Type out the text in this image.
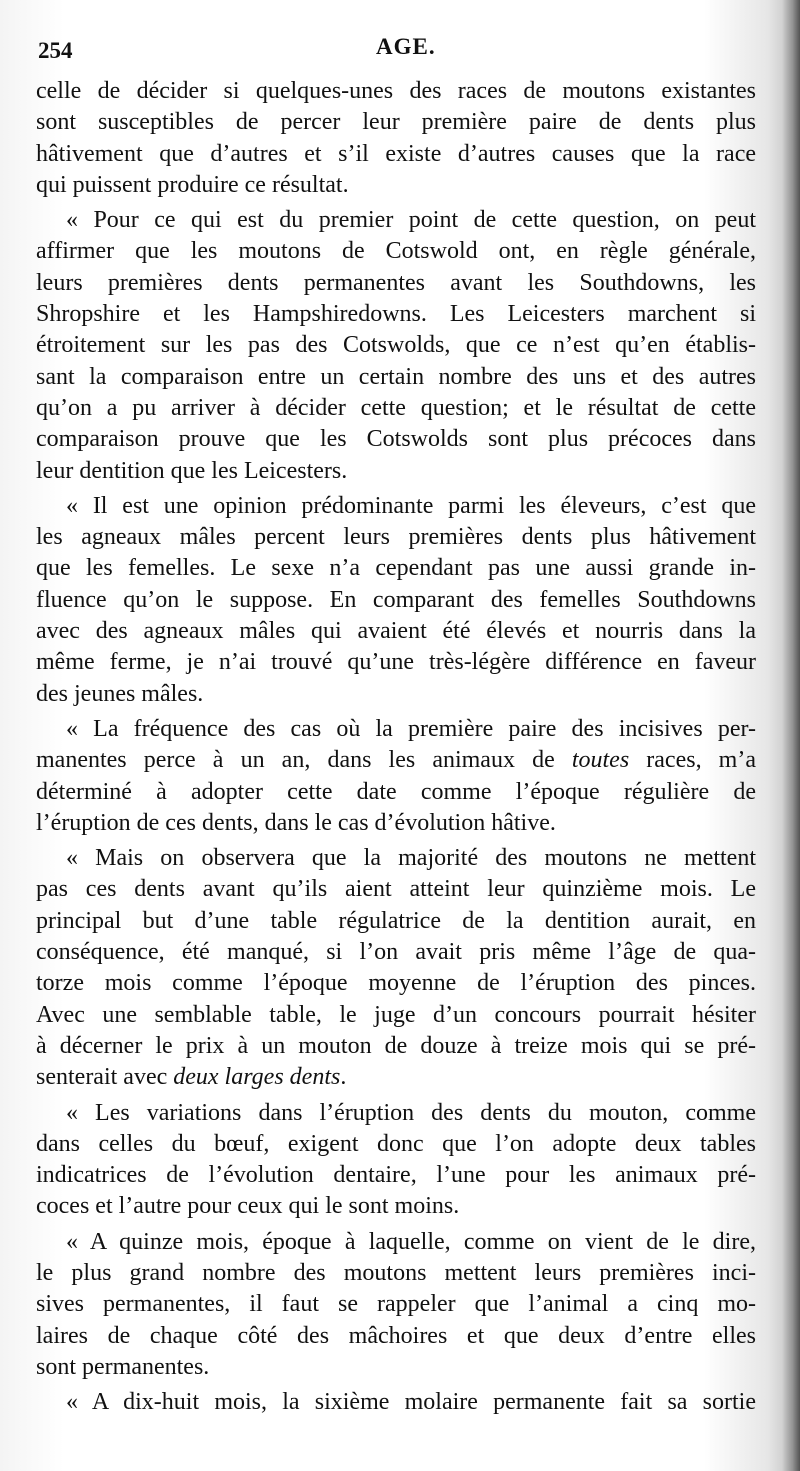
254	AGE.
celle de décider si quelques-unes des races de moutons existantes
sont susceptibles de percer leur première paire de dents plus
hâtivement que d’autres et s’il existe d’autres causes que la race
qui puissent produire ce résultat.
« Pour ce qui est du premier point de cette question, on peut
affirmer que les moutons de Cotswold ont, en règle générale,
leurs premières dents permanentes avant les Southdowns, les
Shropshire et les Hampshiredowns. Les Leicesters marchent si
étroitement sur les pas des Cotswolds, que ce n’est qu’en établis-
sant la comparaison entre un certain nombre des uns et des autres
qu’on a pu arriver à décider cette question; et le résultat de cette
comparaison prouve que les Cotswolds sont plus précoces dans
leur dentition que les Leicesters.
« Il est une opinion prédominante parmi les éleveurs, c’est que
les agneaux mâles percent leurs premières dents plus hâtivement
que les femelles. Le sexe n’a cependant pas une aussi grande in-
fluence qu’on le suppose. En comparant des femelles Southdowns
avec des agneaux mâles qui avaient été élevés et nourris dans la
même ferme, je n’ai trouvé qu’une très-légère différence en faveur
des jeunes mâles.
« La fréquence des cas où la première paire des incisives per-
manentes perce à un an, dans les animaux de toutes races, m’a
déterminé à adopter cette date comme l’époque régulière de
l’éruption de ces dents, dans le cas d’évolution hâtive.
« Mais on observera que la majorité des moutons ne mettent
pas ces dents avant qu’ils aient atteint leur quinzième mois. Le
principal but d’une table régulatrice de la dentition aurait, en
conséquence, été manqué, si l’on avait pris même l’âge de qua-
torze mois comme l’époque moyenne de l’éruption des pinces.
Avec une semblable table, le juge d’un concours pourrait hésiter
à décerner le prix à un mouton de douze à treize mois qui se pré-
senterait avec deux larges dents.
« Les variations dans l’éruption des dents du mouton, comme
dans celles du bœuf, exigent donc que l’on adopte deux tables
indicatrices de l’évolution dentaire, l’une pour les animaux pré-
coces et l’autre pour ceux qui le sont moins.
« A quinze mois, époque à laquelle, comme on vient de le dire,
le plus grand nombre des moutons mettent leurs premières inci-
sives permanentes, il faut se rappeler que l’animal a cinq mo-
laires de chaque côté des mâchoires et que deux d’entre elles
sont permanentes.
« A dix-huit mois, la sixième molaire permanente fait sa sortie
